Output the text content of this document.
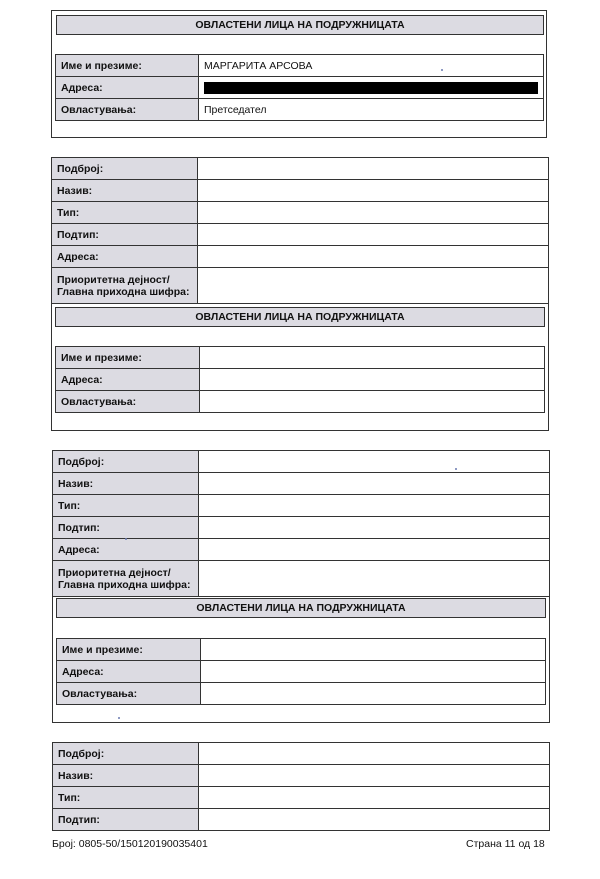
ОВЛАСТЕНИ ЛИЦА НА ПОДРУЖНИЦАТА
Име и презиме:	МАРГАРИТА АРСОВА
Адреса:	

Овластувања:	Претседател
Подброј:	
Назив:	
Тип:	
Подтип:	
Адреса:	

Приоритетна дејност/
Главна приходна шифра:	

ОВЛАСТЕНИ ЛИЦА НА ПОДРУЖНИЦАТА
Име и презиме:	
Адреса:	
Овластувања:	
Подброј:	
Назив:	
Тип:	
Подтип:	
Адреса:	

Приоритетна дејност/
Главна приходна шифра:	

ОВЛАСТЕНИ ЛИЦА НА ПОДРУЖНИЦАТА
Име и презиме:	
Адреса:	
Овластувања:	
Подброј:	
Назив:	
Тип:	
Подтип:	
Број: 0805-50/150120190035401	Страна 11 од 18
